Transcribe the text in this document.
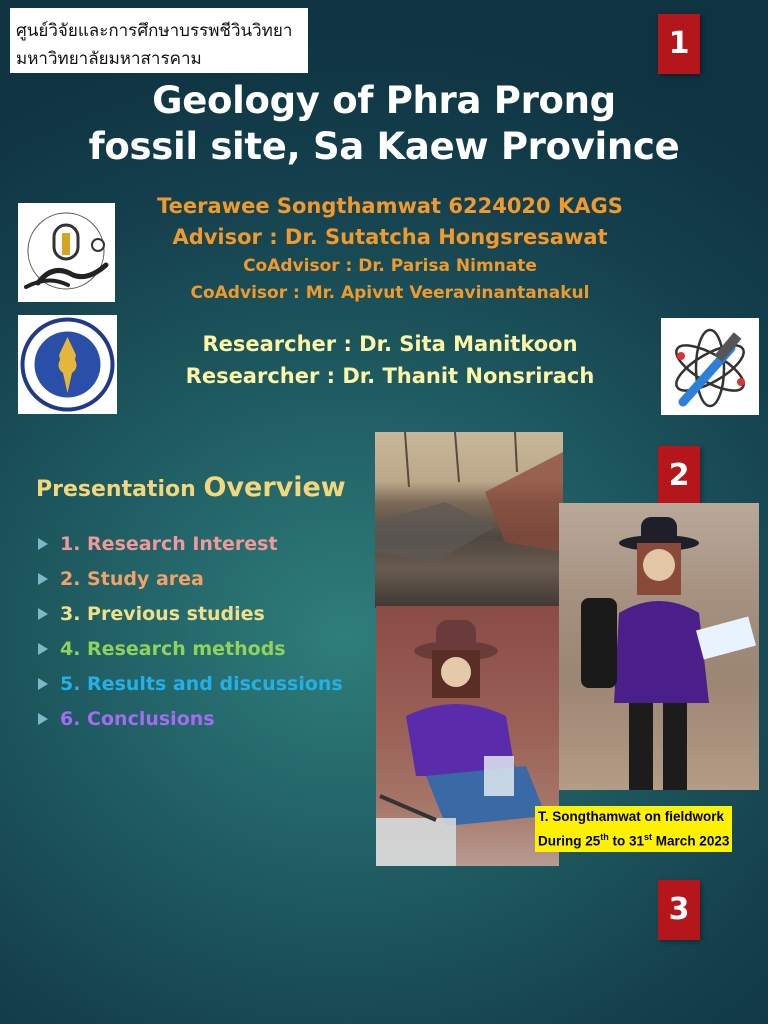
ศูนย์วิจัยและการศึกษาบรรพชีวินวิทยา
มหาวิทยาลัยมหาสารคาม	1
2
3
Geology of Phra Prong
fossil site, Sa Kaew Province
Teerawee Songthamwat 6224020 KAGS
Advisor : Dr. Sutatcha Hongsresawat
CoAdvisor : Dr. Parisa Nimnate
CoAdvisor : Mr. Apivut Veeravinantanakul
Researcher : Dr. Sita Manitkoon
Researcher : Dr. Thanit Nonsrirach
Presentation Overview
1. Research Interest
2. Study area
3. Previous studies
4. Research methods
5. Results and discussions
6. Conclusions
T. Songthamwat on fieldwork
During 25th to 31st March 2023
